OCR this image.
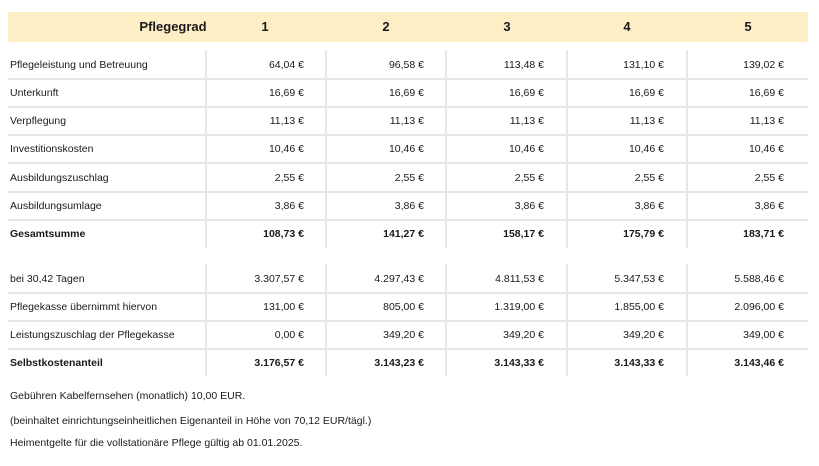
Pflegegrad	1	2	3	4	5
Pflegeleistung und Betreuung	64,04 €	96,58 €	113,48 €	131,10 €	139,02 €
Unterkunft	16,69 €	16,69 €	16,69 €	16,69 €	16,69 €
Verpflegung	11,13 €	11,13 €	11,13 €	11,13 €	11,13 €
Investitionskosten	10,46 €	10,46 €	10,46 €	10,46 €	10,46 €
Ausbildungszuschlag	2,55 €	2,55 €	2,55 €	2,55 €	2,55 €
Ausbildungsumlage	3,86 €	3,86 €	3,86 €	3,86 €	3,86 €
Gesamtsumme	108,73 €	141,27 €	158,17 €	175,79 €	183,71 €
bei 30,42 Tagen	3.307,57 €	4.297,43 €	4.811,53 €	5.347,53 €	5.588,46 €
Pflegekasse übernimmt hiervon	131,00 €	805,00 €	1.319,00 €	1.855,00 €	2.096,00 €
Leistungszuschlag der Pflegekasse	0,00 €	349,20 €	349,20 €	349,20 €	349,00 €
Selbstkostenanteil	3.176,57 €	3.143,23 €	3.143,33 €	3.143,33 €	3.143,46 €
Gebühren Kabelfernsehen (monatlich) 10,00 EUR.
(beinhaltet einrichtungseinheitlichen Eigenanteil in Höhe von 70,12 EUR/tägl.)
Heimentgelte für die vollstationäre Pflege gültig ab 01.01.2025.
